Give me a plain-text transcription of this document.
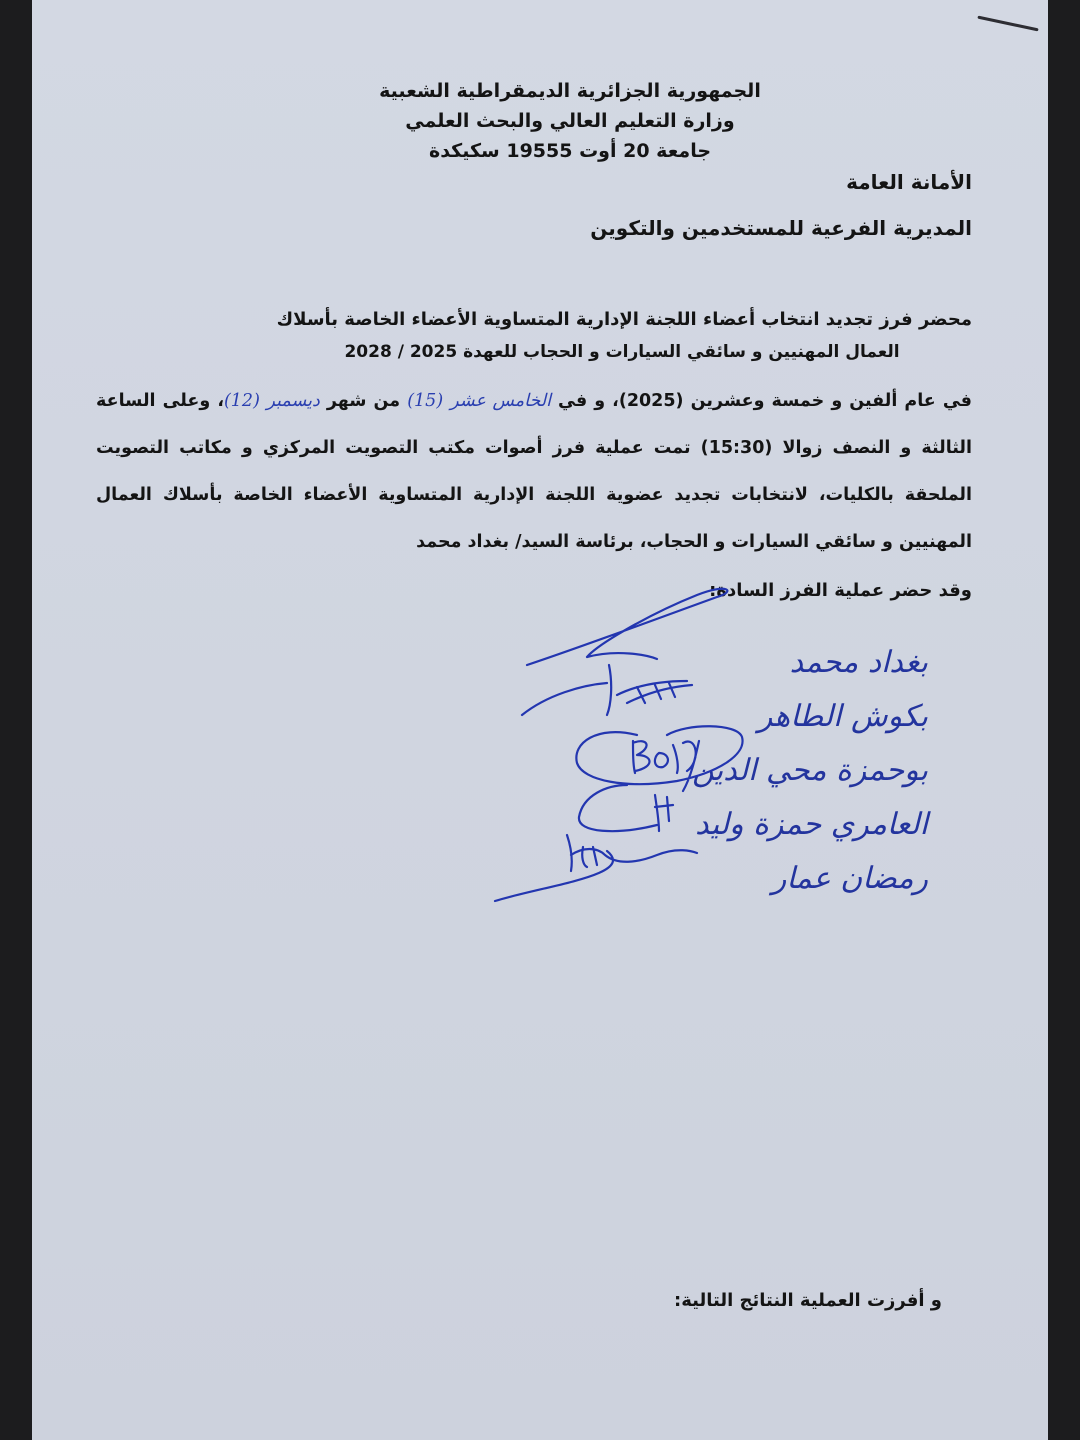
الجمهورية الجزائرية الديمقراطية الشعبية
وزارة التعليم العالي والبحث العلمي
جامعة 20 أوت 19555 سكيكدة
الأمانة العامة
المديرية الفرعية للمستخدمين والتكوين
محضر فرز تجديد انتخاب أعضاء اللجنة الإدارية المتساوية الأعضاء الخاصة بأسلاك
العمال المهنيين و سائقي السيارات و الحجاب للعهدة 2025 / 2028
في عام ألفين و خمسة وعشرين (2025)، و في الخامس عشر (15) من شهر ديسمبر (12)، وعلى الساعة الثالثة و النصف زوالا (15:30) تمت عملية فرز أصوات مكتب التصويت المركزي و مكاتب التصويت الملحقة بالكليات، لانتخابات تجديد عضوية اللجنة الإدارية المتساوية الأعضاء الخاصة بأسلاك العمال المهنيين و سائقي السيارات و الحجاب، برئاسة السيد/ بغداد محمد
وقد حضر عملية الفرز السادة:
بغداد محمد
بكوش الطاهر
بوحمزة محي الدين
العامري حمزة وليد
رمضان عمار
و أفرزت العملية النتائج التالية:
